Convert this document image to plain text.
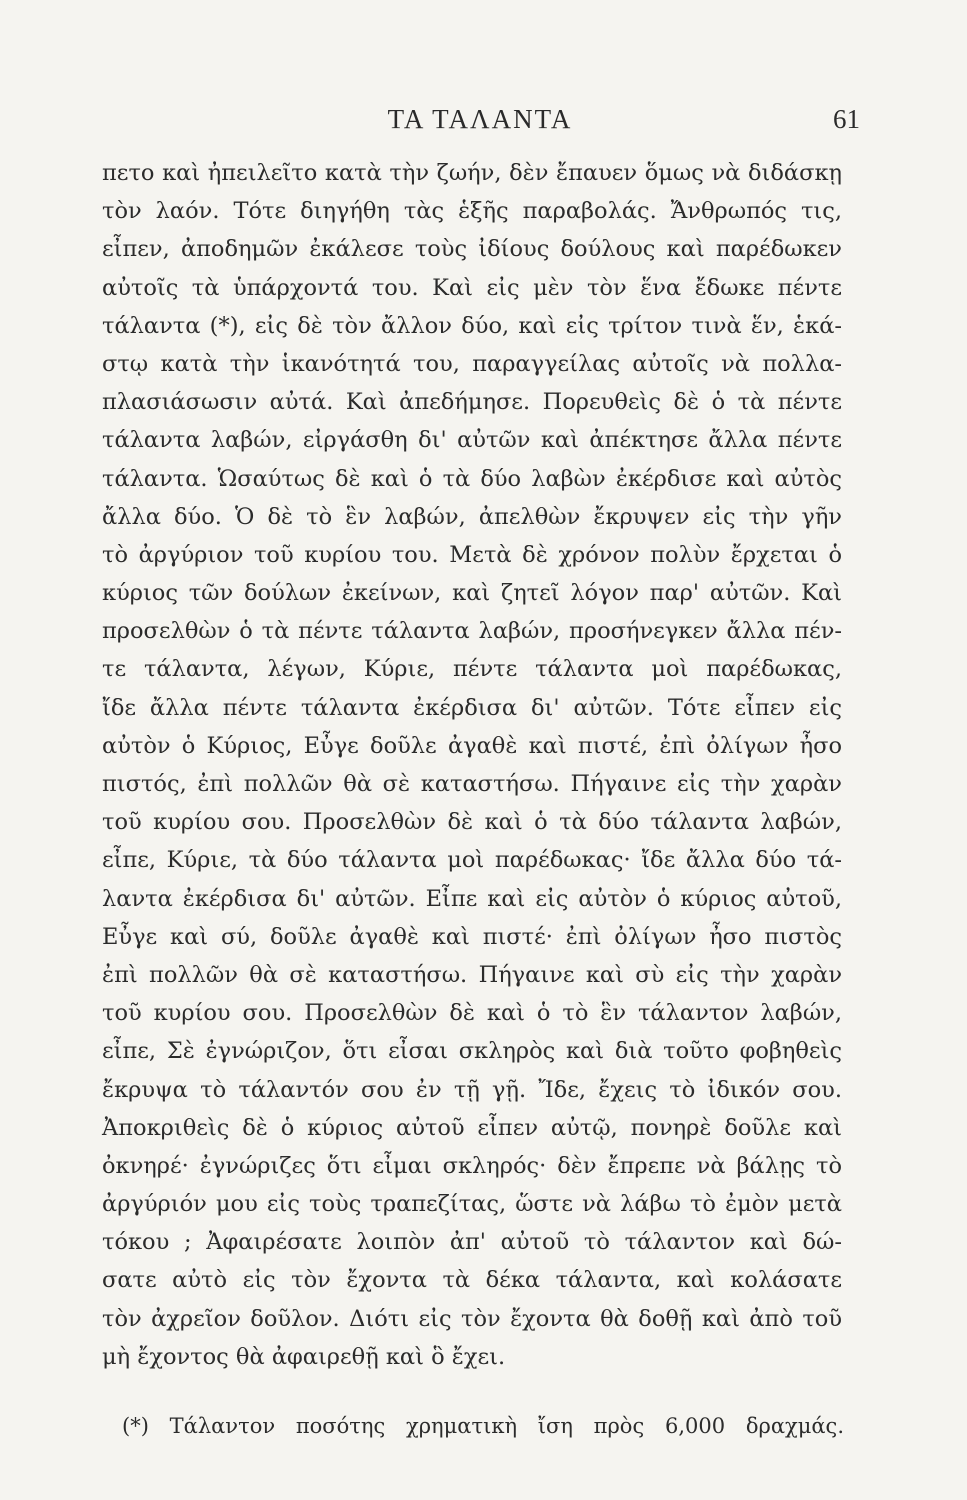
ΤΑ ΤΑΛΑΝΤΑ	61
πετο καὶ ἠπειλεῖτο κατὰ τὴν ζωήν, δὲν ἔπαυεν ὅμως νὰ διδάσκῃ
τὸν λαόν. Τότε διηγήθη τὰς ἑξῆς παραβολάς. Ἄνθρωπός τις,
εἶπεν, ἀποδημῶν ἐκάλεσε τοὺς ἰδίους δούλους καὶ παρέδωκεν
αὐτοῖς τὰ ὑπάρχοντά του. Καὶ εἰς μὲν τὸν ἕνα ἔδωκε πέντε
τάλαντα (*), εἰς δὲ τὸν ἄλλον δύο, καὶ εἰς τρίτον τινὰ ἕν, ἑκά-
στῳ κατὰ τὴν ἱκανότητά του, παραγγείλας αὐτοῖς νὰ πολλα-
πλασιάσωσιν αὐτά. Καὶ ἀπεδήμησε. Πορευθεὶς δὲ ὁ τὰ πέντε
τάλαντα λαβών, εἰργάσθη δι' αὐτῶν καὶ ἀπέκτησε ἄλλα πέντε
τάλαντα. Ὡσαύτως δὲ καὶ ὁ τὰ δύο λαβὼν ἐκέρδισε καὶ αὐτὸς
ἄλλα δύο. Ὁ δὲ τὸ ἓν λαβών, ἀπελθὼν ἔκρυψεν εἰς τὴν γῆν
τὸ ἀργύριον τοῦ κυρίου του. Μετὰ δὲ χρόνον πολὺν ἔρχεται ὁ
κύριος τῶν δούλων ἐκείνων, καὶ ζητεῖ λόγον παρ' αὐτῶν. Καὶ
προσελθὼν ὁ τὰ πέντε τάλαντα λαβών, προσήνεγκεν ἄλλα πέν-
τε τάλαντα, λέγων, Κύριε, πέντε τάλαντα μοὶ παρέδωκας,
ἴδε ἄλλα πέντε τάλαντα ἐκέρδισα δι' αὐτῶν. Τότε εἶπεν εἰς
αὐτὸν ὁ Κύριος, Εὖγε δοῦλε ἀγαθὲ καὶ πιστέ, ἐπὶ ὀλίγων ἦσο
πιστός, ἐπὶ πολλῶν θὰ σὲ καταστήσω. Πήγαινε εἰς τὴν χαρὰν
τοῦ κυρίου σου. Προσελθὼν δὲ καὶ ὁ τὰ δύο τάλαντα λαβών,
εἶπε, Κύριε, τὰ δύο τάλαντα μοὶ παρέδωκας· ἴδε ἄλλα δύο τά-
λαντα ἐκέρδισα δι' αὐτῶν. Εἶπε καὶ εἰς αὐτὸν ὁ κύριος αὐτοῦ,
Εὖγε καὶ σύ, δοῦλε ἀγαθὲ καὶ πιστέ· ἐπὶ ὀλίγων ἦσο πιστὸς
ἐπὶ πολλῶν θὰ σὲ καταστήσω. Πήγαινε καὶ σὺ εἰς τὴν χαρὰν
τοῦ κυρίου σου. Προσελθὼν δὲ καὶ ὁ τὸ ἓν τάλαντον λαβών,
εἶπε, Σὲ ἐγνώριζον, ὅτι εἶσαι σκληρὸς καὶ διὰ τοῦτο φοβηθεὶς
ἔκρυψα τὸ τάλαντόν σου ἐν τῇ γῇ. Ἴδε, ἔχεις τὸ ἰδικόν σου.
Ἀποκριθεὶς δὲ ὁ κύριος αὐτοῦ εἶπεν αὐτῷ, πονηρὲ δοῦλε καὶ
ὀκνηρέ· ἐγνώριζες ὅτι εἶμαι σκληρός· δὲν ἔπρεπε νὰ βάλῃς τὸ
ἀργύριόν μου εἰς τοὺς τραπεζίτας, ὥστε νὰ λάβω τὸ ἐμὸν μετὰ
τόκου ; Ἀφαιρέσατε λοιπὸν ἀπ' αὐτοῦ τὸ τάλαντον καὶ δώ-
σατε αὐτὸ εἰς τὸν ἔχοντα τὰ δέκα τάλαντα, καὶ κολάσατε
τὸν ἀχρεῖον δοῦλον. Διότι εἰς τὸν ἔχοντα θὰ δοθῇ καὶ ἀπὸ τοῦ
μὴ ἔχοντος θὰ ἀφαιρεθῇ καὶ ὃ ἔχει.
(*) Τάλαντον ποσότης χρηματικὴ ἴση πρὸς 6,000 δραχμάς.
